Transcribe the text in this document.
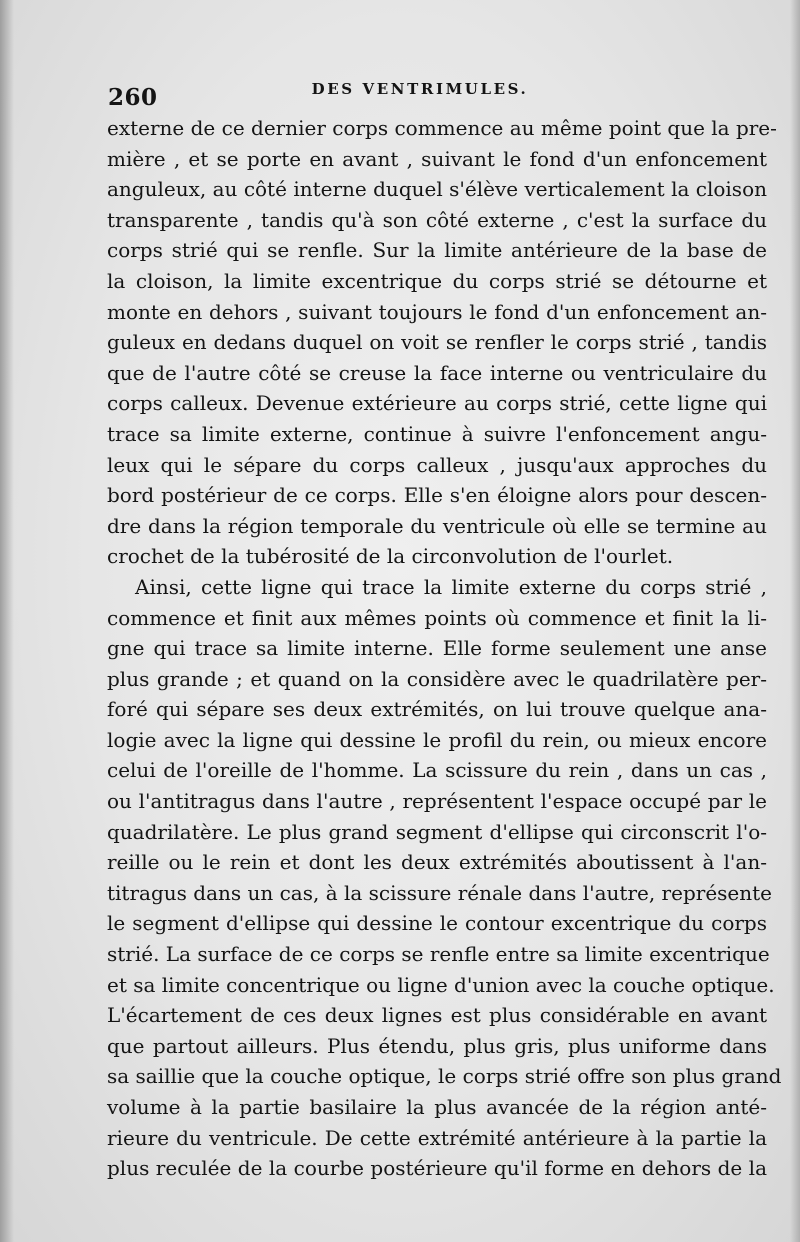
260	DES VENTRIMULES.
externe de ce dernier corps commence au même point que la pre-
mière , et se porte en avant , suivant le fond d'un enfoncement
anguleux, au côté interne duquel s'élève verticalement la cloison
transparente , tandis qu'à son côté externe , c'est la surface du
corps strié qui se renfle. Sur la limite antérieure de la base de
la cloison, la limite excentrique du corps strié se détourne et
monte en dehors , suivant toujours le fond d'un enfoncement an-
guleux en dedans duquel on voit se renfler le corps strié , tandis
que de l'autre côté se creuse la face interne ou ventriculaire du
corps calleux. Devenue extérieure au corps strié, cette ligne qui
trace sa limite externe, continue à suivre l'enfoncement angu-
leux qui le sépare du corps calleux , jusqu'aux approches du
bord postérieur de ce corps. Elle s'en éloigne alors pour descen-
dre dans la région temporale du ventricule où elle se termine au
crochet de la tubérosité de la circonvolution de l'ourlet.
Ainsi, cette ligne qui trace la limite externe du corps strié ,
commence et finit aux mêmes points où commence et finit la li-
gne qui trace sa limite interne. Elle forme seulement une anse
plus grande ; et quand on la considère avec le quadrilatère per-
foré qui sépare ses deux extrémités, on lui trouve quelque ana-
logie avec la ligne qui dessine le profil du rein, ou mieux encore
celui de l'oreille de l'homme. La scissure du rein , dans un cas ,
ou l'antitragus dans l'autre , représentent l'espace occupé par le
quadrilatère. Le plus grand segment d'ellipse qui circonscrit l'o-
reille ou le rein et dont les deux extrémités aboutissent à l'an-
titragus dans un cas, à la scissure rénale dans l'autre, représente
le segment d'ellipse qui dessine le contour excentrique du corps
strié. La surface de ce corps se renfle entre sa limite excentrique
et sa limite concentrique ou ligne d'union avec la couche optique.
L'écartement de ces deux lignes est plus considérable en avant
que partout ailleurs. Plus étendu, plus gris, plus uniforme dans
sa saillie que la couche optique, le corps strié offre son plus grand
volume à la partie basilaire la plus avancée de la région anté-
rieure du ventricule. De cette extrémité antérieure à la partie la
plus reculée de la courbe postérieure qu'il forme en dehors de la
